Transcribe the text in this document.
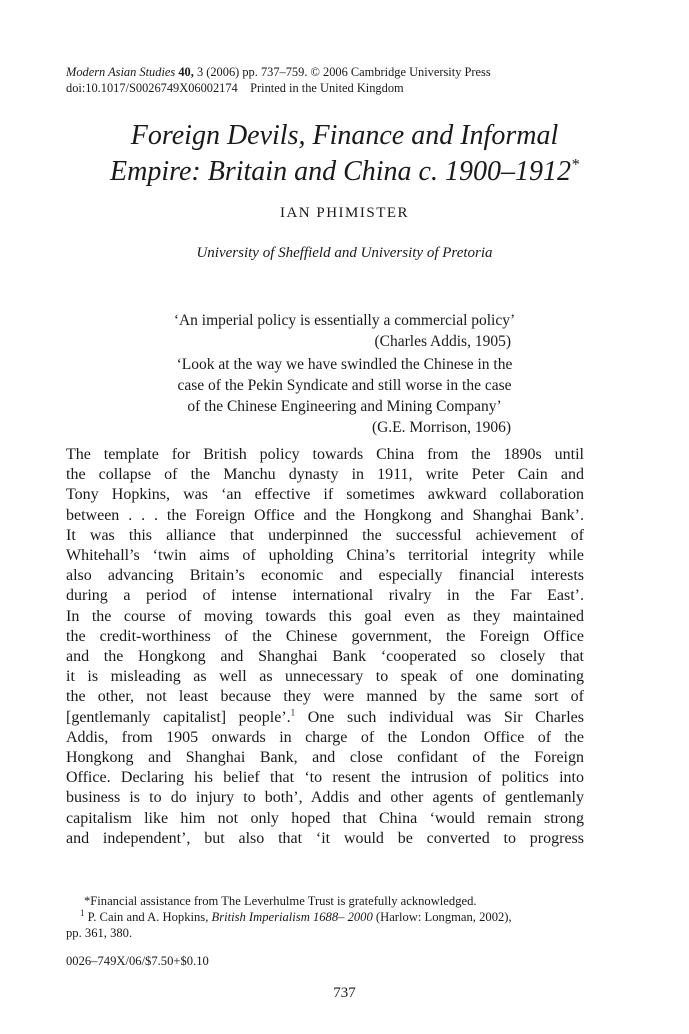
Modern Asian Studies 40, 3 (2006) pp. 737–759. © 2006 Cambridge University Press
doi:10.1017/S0026749X06002174 Printed in the United Kingdom
Foreign Devils, Finance and Informal
Empire: Britain and China c. 1900–1912*
IAN PHIMISTER
University of Sheffield and University of Pretoria
‘An imperial policy is essentially a commercial policy’
(Charles Addis, 1905)
‘Look at the way we have swindled the Chinese in the
case of the Pekin Syndicate and still worse in the case
of the Chinese Engineering and Mining Company’
(G.E. Morrison, 1906)
The template for British policy towards China from the 1890s until
the collapse of the Manchu dynasty in 1911, write Peter Cain and
Tony Hopkins, was ‘an effective if sometimes awkward collaboration
between . . . the Foreign Office and the Hongkong and Shanghai Bank’.
It was this alliance that underpinned the successful achievement of
Whitehall’s ‘twin aims of upholding China’s territorial integrity while
also advancing Britain’s economic and especially financial interests
during a period of intense international rivalry in the Far East’.
In the course of moving towards this goal even as they maintained
the credit-worthiness of the Chinese government, the Foreign Office
and the Hongkong and Shanghai Bank ‘cooperated so closely that
it is misleading as well as unnecessary to speak of one dominating
the other, not least because they were manned by the same sort of
[gentlemanly capitalist] people’.$^1$ One such individual was Sir Charles
Addis, from 1905 onwards in charge of the London Office of the
Hongkong and Shanghai Bank, and close confidant of the Foreign
Office. Declaring his belief that ‘to resent the intrusion of politics into
business is to do injury to both’, Addis and other agents of gentlemanly
capitalism like him not only hoped that China ‘would remain strong
and independent’, but also that ‘it would be converted to progress
*Financial assistance from The Leverhulme Trust is gratefully acknowledged.
$^1$ P. Cain and A. Hopkins, British Imperialism 1688– 2000 (Harlow: Longman, 2002),
pp. 361, 380.
0026–749X/06/$7.50+$0.10
737
